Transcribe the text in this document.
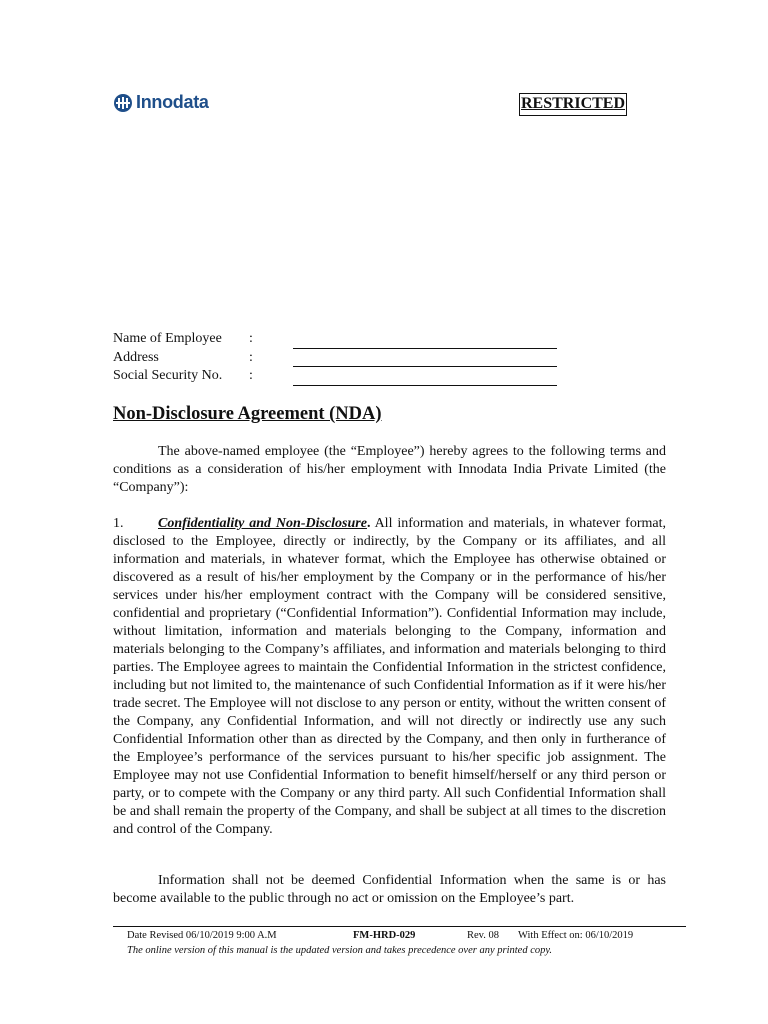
Innodata	RESTRICTED
Name of Employee	:
Address	:
Social Security No.	:
Non-Disclosure Agreement (NDA)

The above-named employee (the “Employee”) hereby agrees to the following terms and conditions as a consideration of his/her employment with Innodata India Private Limited (the “Company”):

1. Confidentiality and Non-Disclosure. All information and materials, in whatever format, disclosed to the Employee, directly or indirectly, by the Company or its affiliates, and all information and materials, in whatever format, which the Employee has otherwise obtained or discovered as a result of his/her employment by the Company or in the performance of his/her services under his/her employment contract with the Company will be considered sensitive, confidential and proprietary (“Confidential Information”). Confidential Information may include, without limitation, information and materials belonging to the Company, information and materials belonging to the Company’s affiliates, and information and materials belonging to third parties. The Employee agrees to maintain the Confidential Information in the strictest confidence, including but not limited to, the maintenance of such Confidential Information as if it were his/her trade secret. The Employee will not disclose to any person or entity, without the written consent of the Company, any Confidential Information, and will not directly or indirectly use any such Confidential Information other than as directed by the Company, and then only in furtherance of the Employee’s performance of the services pursuant to his/her specific job assignment. The Employee may not use Confidential Information to benefit himself/herself or any third person or party, or to compete with the Company or any third party. All such Confidential Information shall be and shall remain the property of the Company, and shall be subject at all times to the discretion and control of the Company.

Information shall not be deemed Confidential Information when the same is or has become available to the public through no act or omission on the Employee’s part.

Date Revised 06/10/2019 9:00 A.M	FM-HRD-029	Rev. 08 With Effect on: 06/10/2019
The online version of this manual is the updated version and takes precedence over any printed copy.
